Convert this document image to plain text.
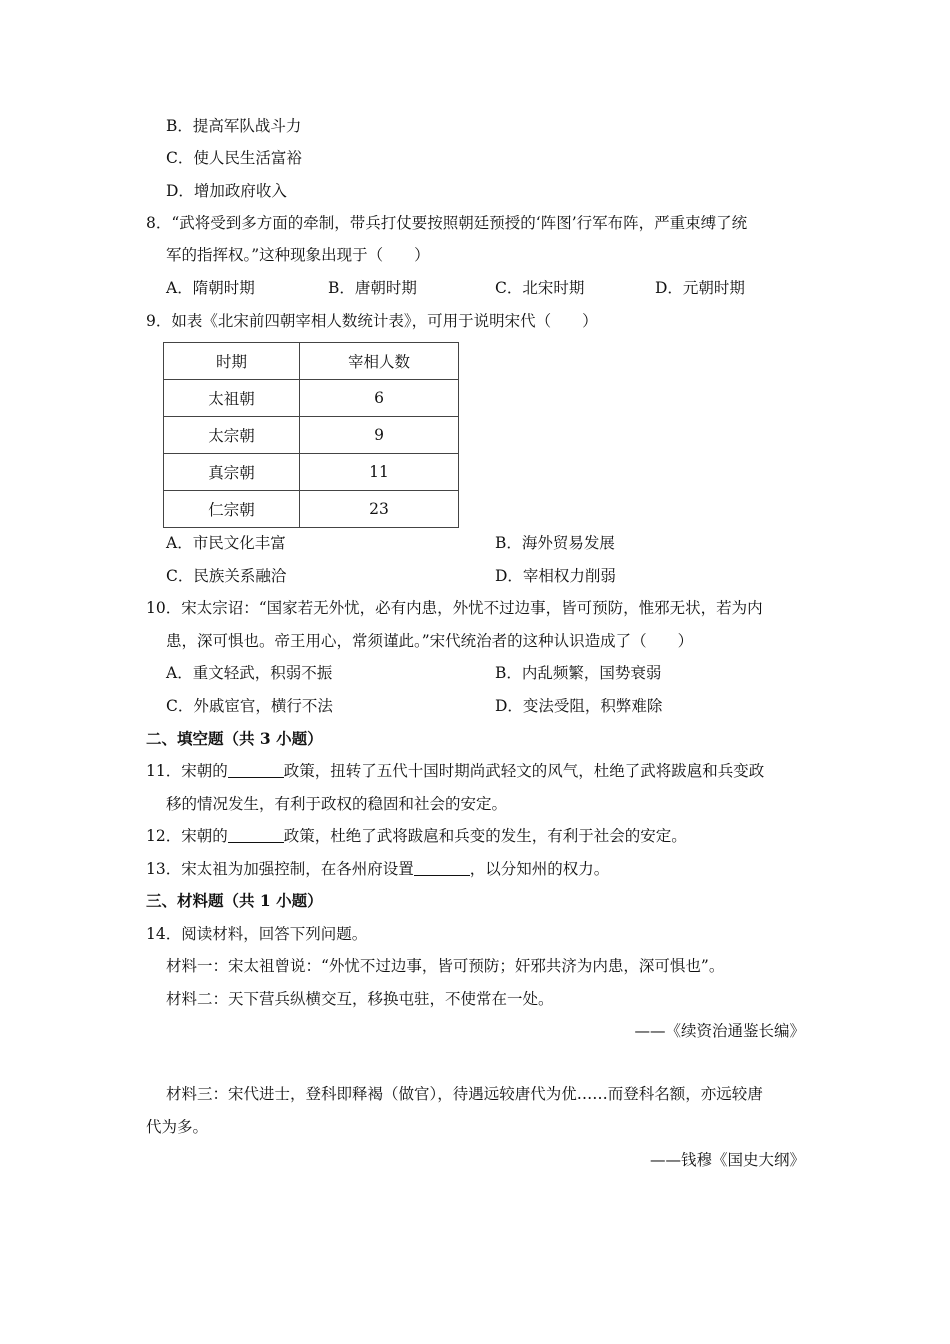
B．提高军队战斗力
C．使人民生活富裕
D．增加政府收入
8．“武将受到多方面的牵制，带兵打仗要按照朝廷预授的‘阵图’行军布阵，严重束缚了统
军的指挥权。”这种现象出现于（　　）
A．隋朝时期	B．唐朝时期	C．北宋时期	D．元朝时期
9．如表《北宋前四朝宰相人数统计表》，可用于说明宋代（　　）
时期	宰相人数
太祖朝	6
太宗朝	9
真宗朝	11
仁宗朝	23
A．市民文化丰富	B．海外贸易发展
C．民族关系融洽	D．宰相权力削弱
10．宋太宗诏：“国家若无外忧，必有内患，外忧不过边事，皆可预防，惟邪无状，若为内
患，深可惧也。帝王用心，常须谨此。”宋代统治者的这种认识造成了（　　）
A．重文轻武，积弱不振	B．内乱频繁，国势衰弱
C．外戚宦官，横行不法	D．变法受阻，积弊难除
二、填空题（共 3 小题）
11．宋朝的	政策，扭转了五代十国时期尚武轻文的风气，杜绝了武将跋扈和兵变政
移的情况发生，有利于政权的稳固和社会的安定。
12．宋朝的	政策，杜绝了武将跋扈和兵变的发生，有利于社会的安定。
13．宋太祖为加强控制，在各州府设置	，以分知州的权力。
三、材料题（共 1 小题）
14．阅读材料，回答下列问题。
材料一：宋太祖曾说：“外忧不过边事，皆可预防；奸邪共济为内患，深可惧也”。
材料二：天下营兵纵横交互，移换屯驻，不使常在一处。
——《续资治通鉴长编》
材料三：宋代进士，登科即释褐（做官），待遇远较唐代为优……而登科名额，亦远较唐
代为多。
——钱穆《国史大纲》
